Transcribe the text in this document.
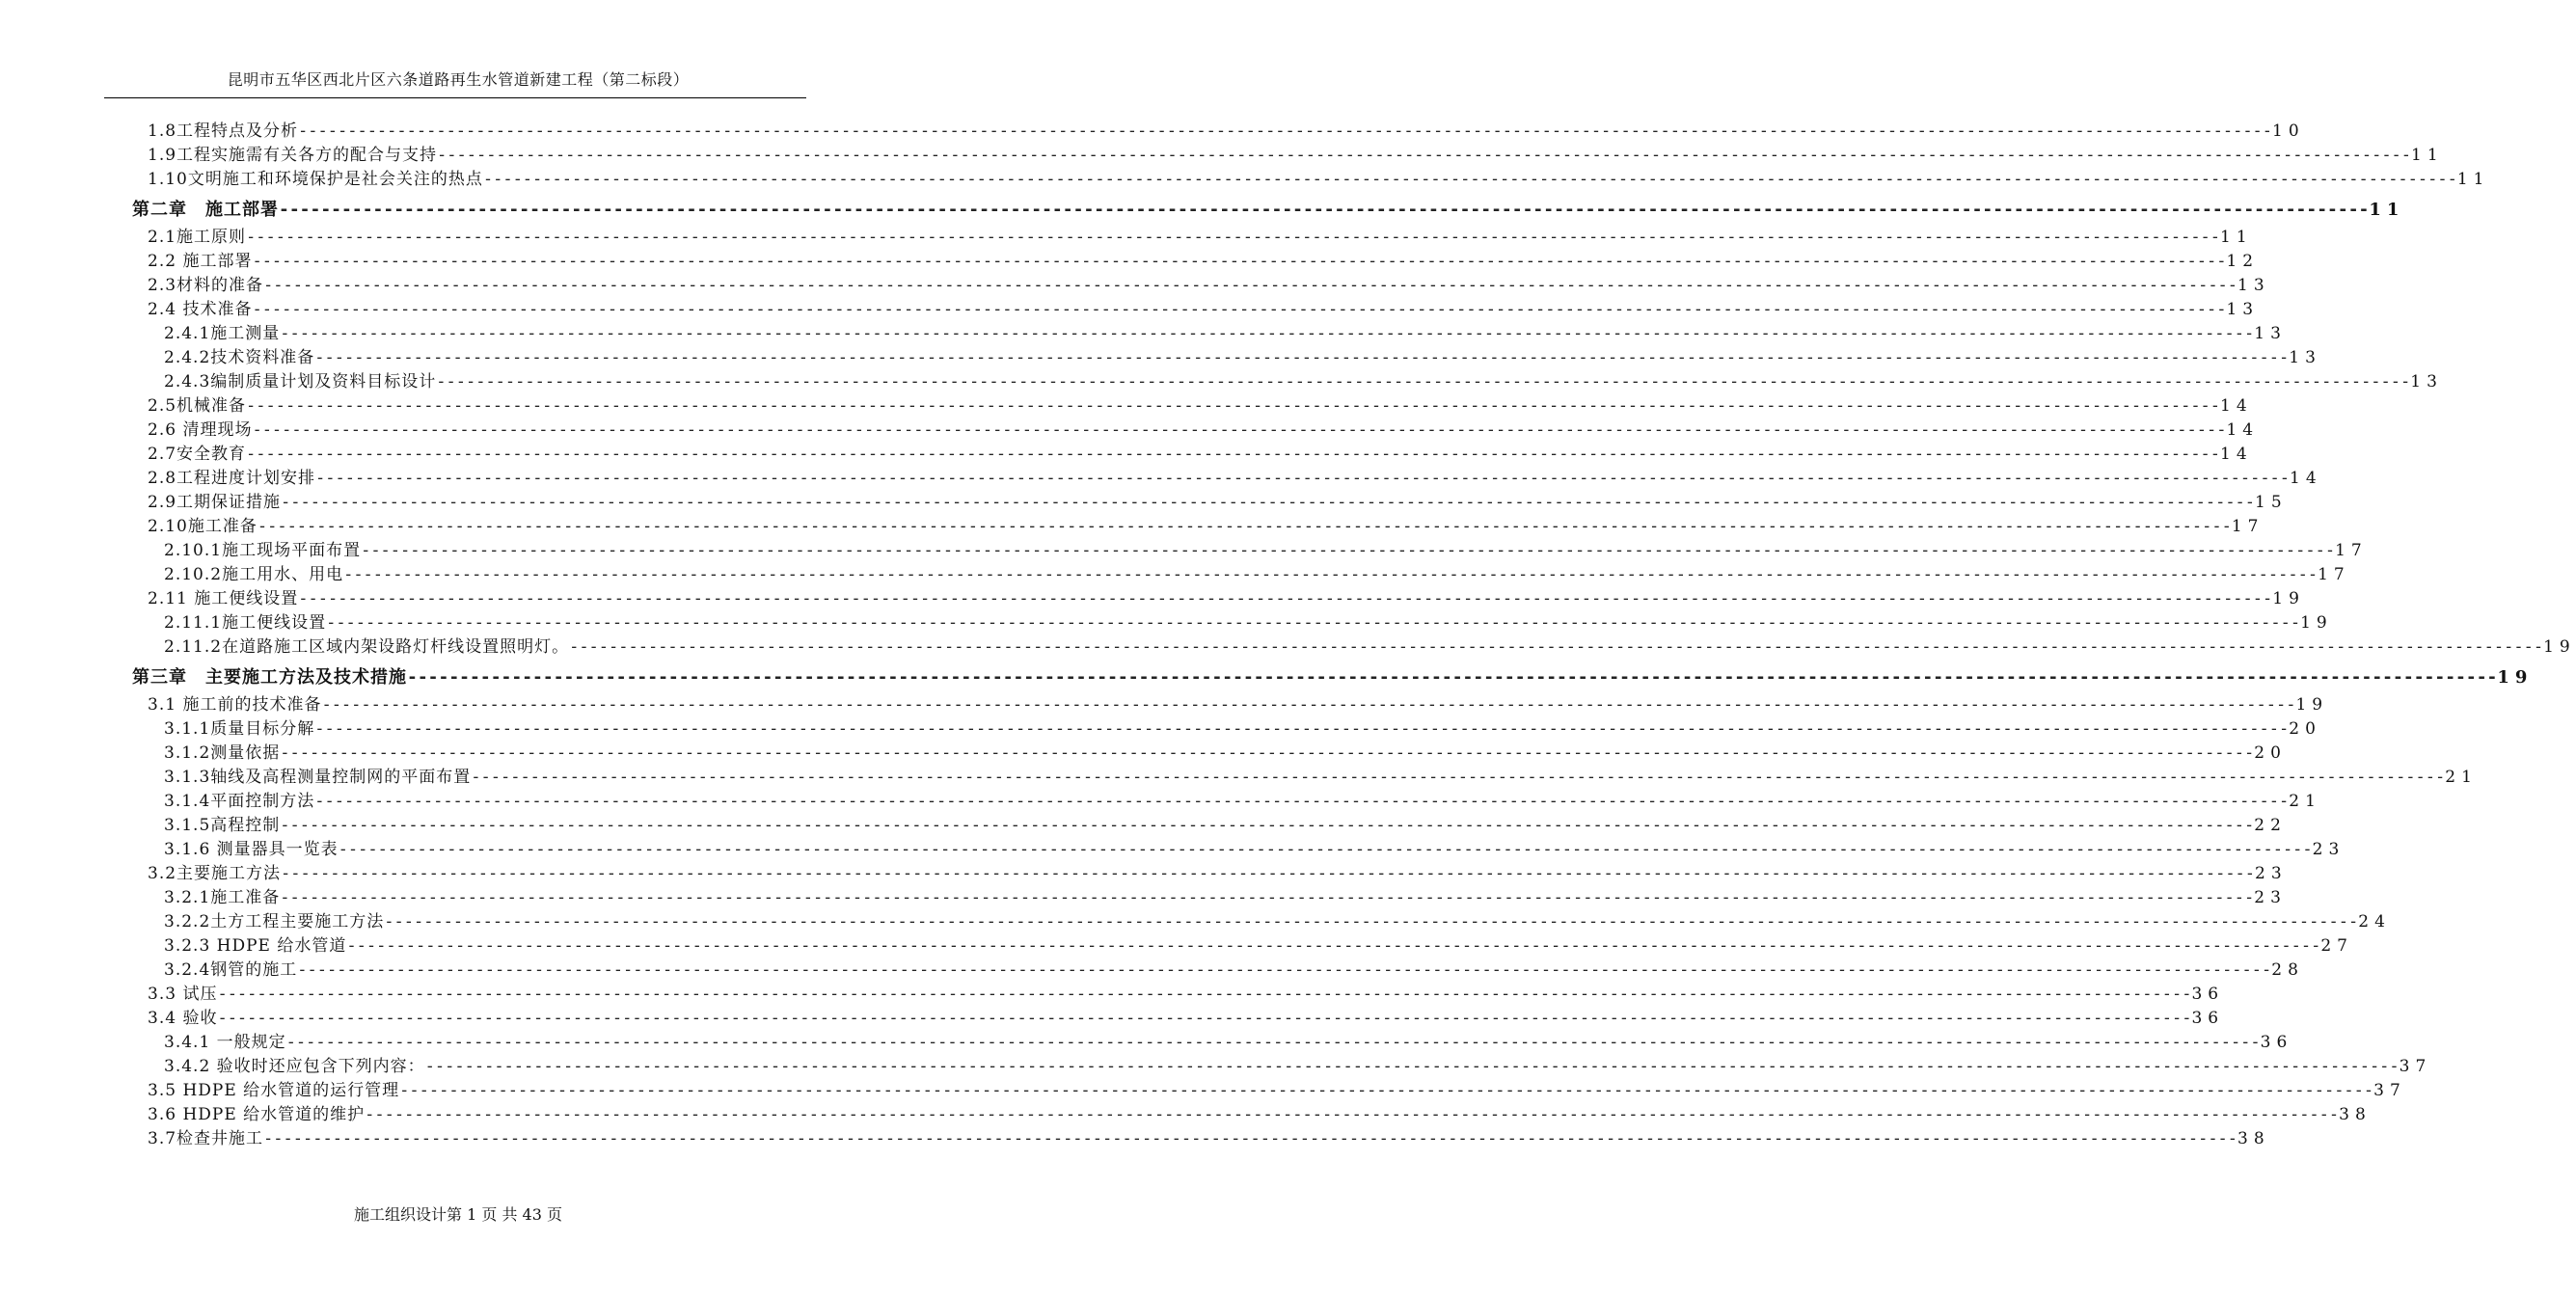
昆明市五华区西北片区六条道路再生水管道新建工程（第二标段）
1.8工程特点及分析 -------------------------------------------------------------------------------------------------------------------------------------------------------------------------------------------------------- 10
1.9工程实施需有关各方的配合与支持 -------------------------------------------------------------------------------------------------------------------------------------------------------------------------------------------------------- 11
1.10文明施工和环境保护是社会关注的热点 -------------------------------------------------------------------------------------------------------------------------------------------------------------------------------------------------------- 11
第二章　施工部署 -------------------------------------------------------------------------------------------------------------------------------------------------------------------------------------------------------- 11
2.1施工原则 -------------------------------------------------------------------------------------------------------------------------------------------------------------------------------------------------------- 11
2.2 施工部署 -------------------------------------------------------------------------------------------------------------------------------------------------------------------------------------------------------- 12
2.3材料的准备 -------------------------------------------------------------------------------------------------------------------------------------------------------------------------------------------------------- 13
2.4 技术准备 -------------------------------------------------------------------------------------------------------------------------------------------------------------------------------------------------------- 13
2.4.1施工测量 -------------------------------------------------------------------------------------------------------------------------------------------------------------------------------------------------------- 13
2.4.2技术资料准备 -------------------------------------------------------------------------------------------------------------------------------------------------------------------------------------------------------- 13
2.4.3编制质量计划及资料目标设计 -------------------------------------------------------------------------------------------------------------------------------------------------------------------------------------------------------- 13
2.5机械准备 -------------------------------------------------------------------------------------------------------------------------------------------------------------------------------------------------------- 14
2.6 清理现场 -------------------------------------------------------------------------------------------------------------------------------------------------------------------------------------------------------- 14
2.7安全教育 -------------------------------------------------------------------------------------------------------------------------------------------------------------------------------------------------------- 14
2.8工程进度计划安排 -------------------------------------------------------------------------------------------------------------------------------------------------------------------------------------------------------- 14
2.9工期保证措施 -------------------------------------------------------------------------------------------------------------------------------------------------------------------------------------------------------- 15
2.10施工准备 -------------------------------------------------------------------------------------------------------------------------------------------------------------------------------------------------------- 17
2.10.1施工现场平面布置 -------------------------------------------------------------------------------------------------------------------------------------------------------------------------------------------------------- 17
2.10.2施工用水、用电 -------------------------------------------------------------------------------------------------------------------------------------------------------------------------------------------------------- 17
2.11 施工便线设置 -------------------------------------------------------------------------------------------------------------------------------------------------------------------------------------------------------- 19
2.11.1施工便线设置 -------------------------------------------------------------------------------------------------------------------------------------------------------------------------------------------------------- 19
2.11.2在道路施工区域内架设路灯杆线设置照明灯。 -------------------------------------------------------------------------------------------------------------------------------------------------------------------------------------------------------- 19
第三章　主要施工方法及技术措施 -------------------------------------------------------------------------------------------------------------------------------------------------------------------------------------------------------- 19
3.1 施工前的技术准备 -------------------------------------------------------------------------------------------------------------------------------------------------------------------------------------------------------- 19
3.1.1质量目标分解 -------------------------------------------------------------------------------------------------------------------------------------------------------------------------------------------------------- 20
3.1.2测量依据 -------------------------------------------------------------------------------------------------------------------------------------------------------------------------------------------------------- 20
3.1.3轴线及高程测量控制网的平面布置 -------------------------------------------------------------------------------------------------------------------------------------------------------------------------------------------------------- 21
3.1.4平面控制方法 -------------------------------------------------------------------------------------------------------------------------------------------------------------------------------------------------------- 21
3.1.5高程控制 -------------------------------------------------------------------------------------------------------------------------------------------------------------------------------------------------------- 22
3.1.6 测量器具一览表 -------------------------------------------------------------------------------------------------------------------------------------------------------------------------------------------------------- 23
3.2主要施工方法 -------------------------------------------------------------------------------------------------------------------------------------------------------------------------------------------------------- 23
3.2.1施工准备 -------------------------------------------------------------------------------------------------------------------------------------------------------------------------------------------------------- 23
3.2.2土方工程主要施工方法 -------------------------------------------------------------------------------------------------------------------------------------------------------------------------------------------------------- 24
3.2.3 HDPE 给水管道 -------------------------------------------------------------------------------------------------------------------------------------------------------------------------------------------------------- 27
3.2.4钢管的施工 -------------------------------------------------------------------------------------------------------------------------------------------------------------------------------------------------------- 28
3.3 试压 -------------------------------------------------------------------------------------------------------------------------------------------------------------------------------------------------------- 36
3.4 验收 -------------------------------------------------------------------------------------------------------------------------------------------------------------------------------------------------------- 36
3.4.1 一般规定 -------------------------------------------------------------------------------------------------------------------------------------------------------------------------------------------------------- 36
3.4.2 验收时还应包含下列内容： -------------------------------------------------------------------------------------------------------------------------------------------------------------------------------------------------------- 37
3.5 HDPE 给水管道的运行管理 -------------------------------------------------------------------------------------------------------------------------------------------------------------------------------------------------------- 37
3.6 HDPE 给水管道的维护 -------------------------------------------------------------------------------------------------------------------------------------------------------------------------------------------------------- 38
3.7检查井施工 -------------------------------------------------------------------------------------------------------------------------------------------------------------------------------------------------------- 38
施工组织设计第 1 页 共 43 页
